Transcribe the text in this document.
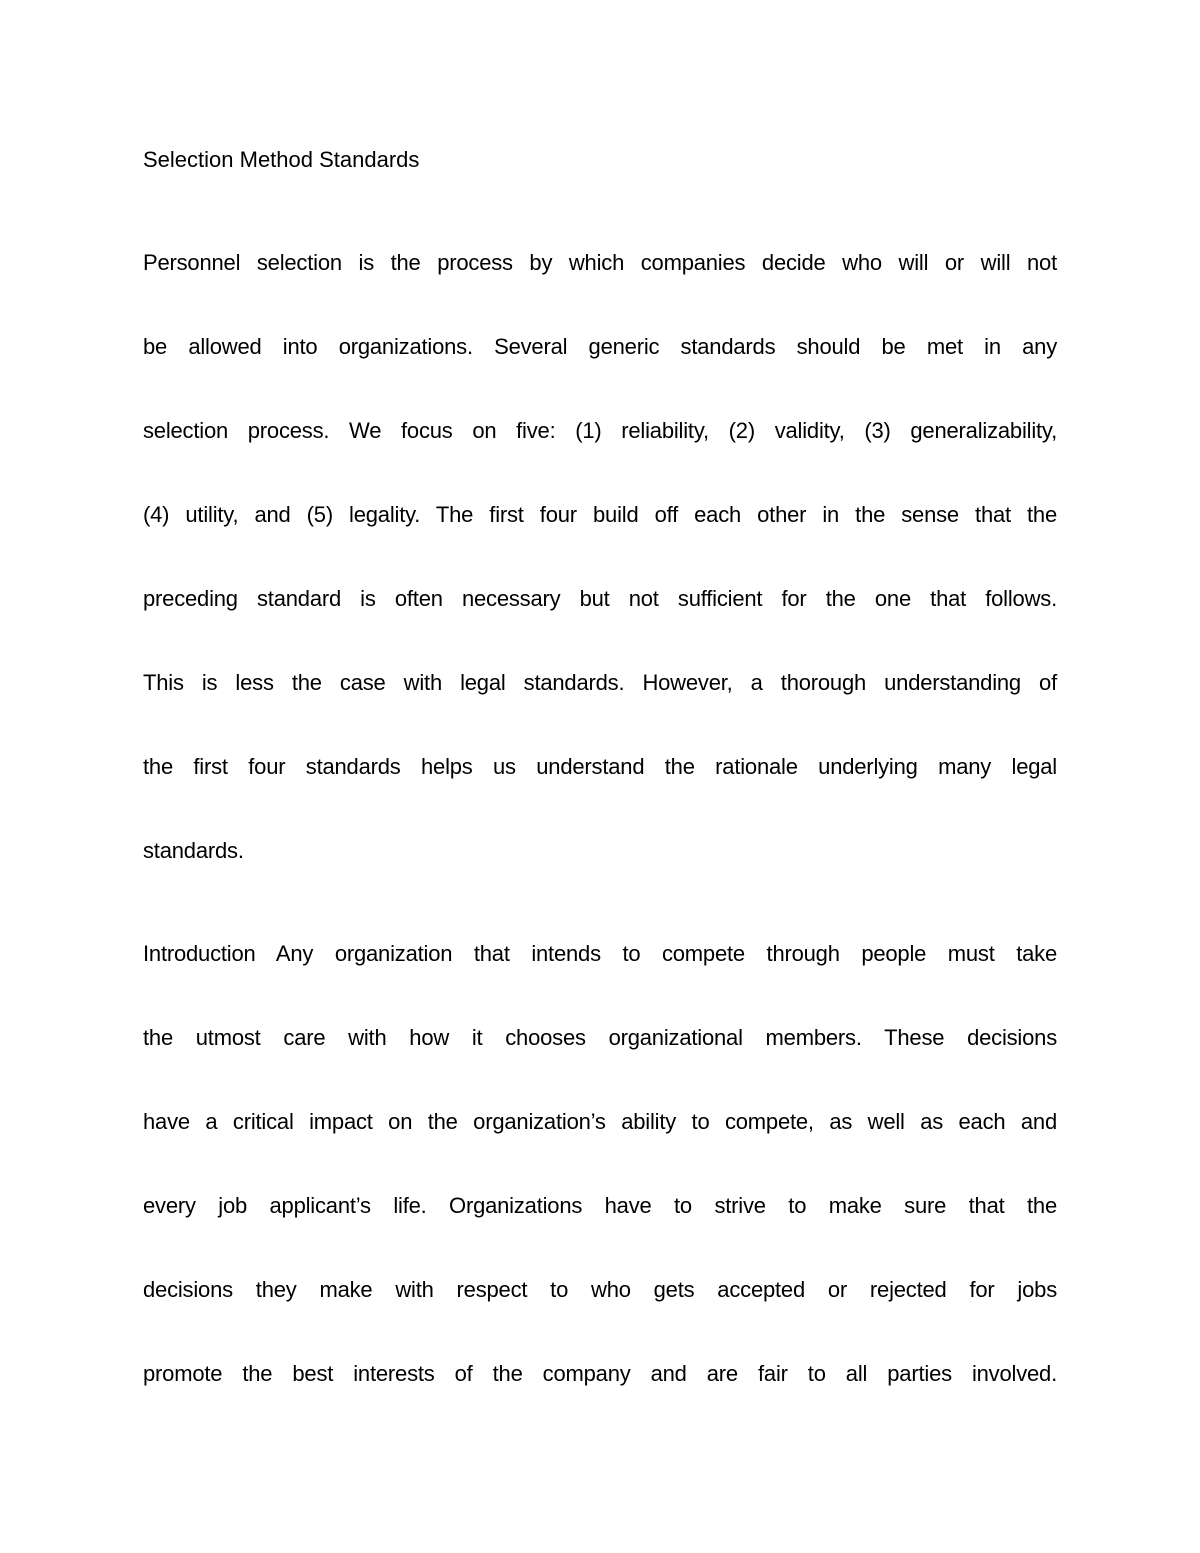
Selection Method Standards
Personnel selection is the process by which companies decide who will or will not
be allowed into organizations. Several generic standards should be met in any
selection process. We focus on five: (1) reliability, (2) validity, (3) generalizability,
(4) utility, and (5) legality. The first four build off each other in the sense that the
preceding standard is often necessary but not sufficient for the one that follows.
This is less the case with legal standards. However, a thorough understanding of
the first four standards helps us understand the rationale underlying many legal
standards.
Introduction Any organization that intends to compete through people must take
the utmost care with how it chooses organizational members. These decisions
have a critical impact on the organization’s ability to compete, as well as each and
every job applicant’s life. Organizations have to strive to make sure that the
decisions they make with respect to who gets accepted or rejected for jobs
promote the best interests of the company and are fair to all parties involved.
